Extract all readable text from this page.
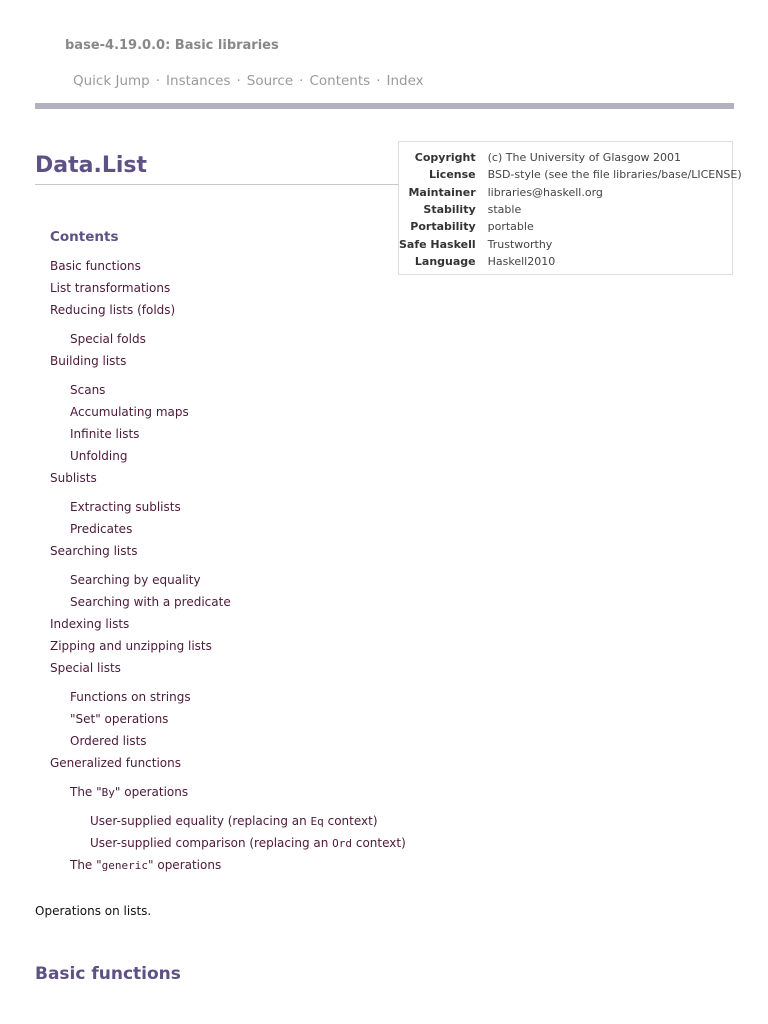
base-4.19.0.0: Basic libraries
Quick Jump · Instances · Source · Contents · Index
Data.List	Copyright	(c) The University of Glasgow 2001
License	BSD-style (see the file libraries/base/LICENSE)
Maintainer	libraries@haskell.org
Stability	stable
Portability	portable
Safe Haskell	Trustworthy
Language	Haskell2010
Contents
Basic functions
List transformations
Reducing lists (folds)
Special folds
Building lists
Scans
Accumulating maps
Infinite lists
Unfolding
Sublists
Extracting sublists
Predicates
Searching lists
Searching by equality
Searching with a predicate
Indexing lists
Zipping and unzipping lists
Special lists
Functions on strings
"Set" operations
Ordered lists
Generalized functions
The "By" operations
User-supplied equality (replacing an Eq context)
User-supplied comparison (replacing an Ord context)
The "generic" operations
Operations on lists.
Basic functions
